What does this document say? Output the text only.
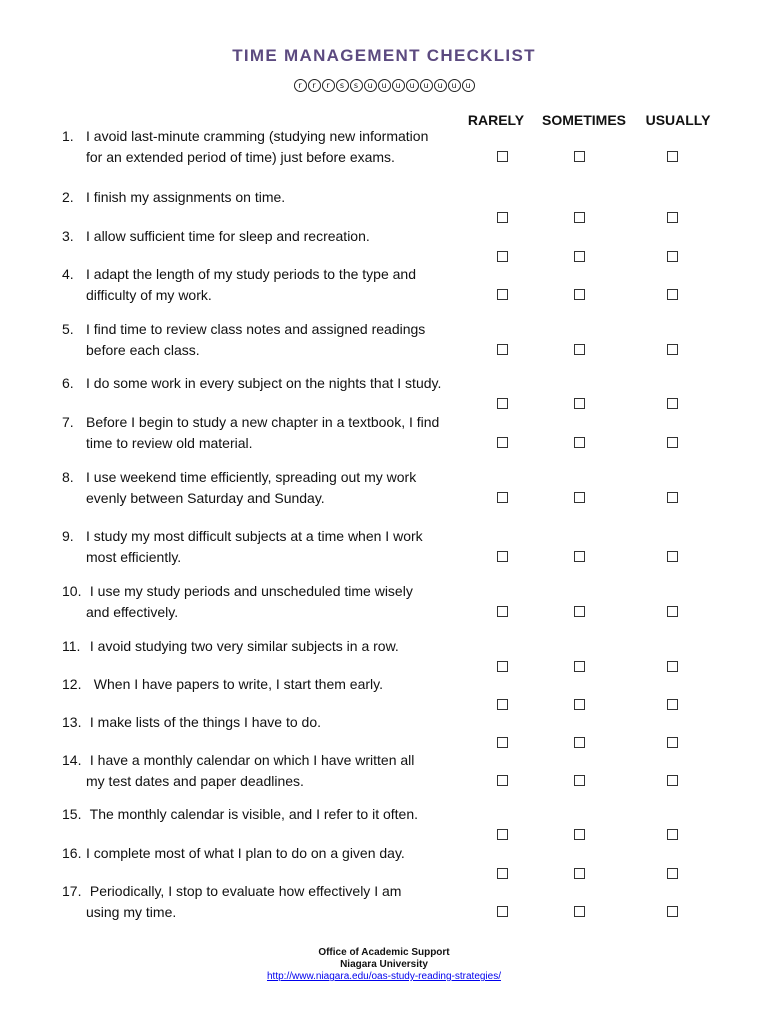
TIME MANAGEMENT CHECKLIST
r	r	r	s	s	u	u	u	u	u	u	u	u
RARELY	SOMETIMES	USUALLY
1. I avoid last-minute cramming (studying new information
for an extended period of time) just before exams.
2. I finish my assignments on time.
3. I allow sufficient time for sleep and recreation.
4. I adapt the length of my study periods to the type and
difficulty of my work.
5. I find time to review class notes and assigned readings
before each class.
6. I do some work in every subject on the nights that I study.
7. Before I begin to study a new chapter in a textbook, I find
time to review old material.
8. I use weekend time efficiently, spreading out my work
evenly between Saturday and Sunday.
9. I study my most difficult subjects at a time when I work
most efficiently.
10. I use my study periods and unscheduled time wisely
and effectively.
11. I avoid studying two very similar subjects in a row.
12.  When I have papers to write, I start them early.
13. I make lists of the things I have to do.
14. I have a monthly calendar on which I have written all
my test dates and paper deadlines.
15. The monthly calendar is visible, and I refer to it often.
16. I complete most of what I plan to do on a given day.
17. Periodically, I stop to evaluate how effectively I am
using my time.
Office of Academic Support
Niagara University
http://www.niagara.edu/oas-study-reading-strategies/
